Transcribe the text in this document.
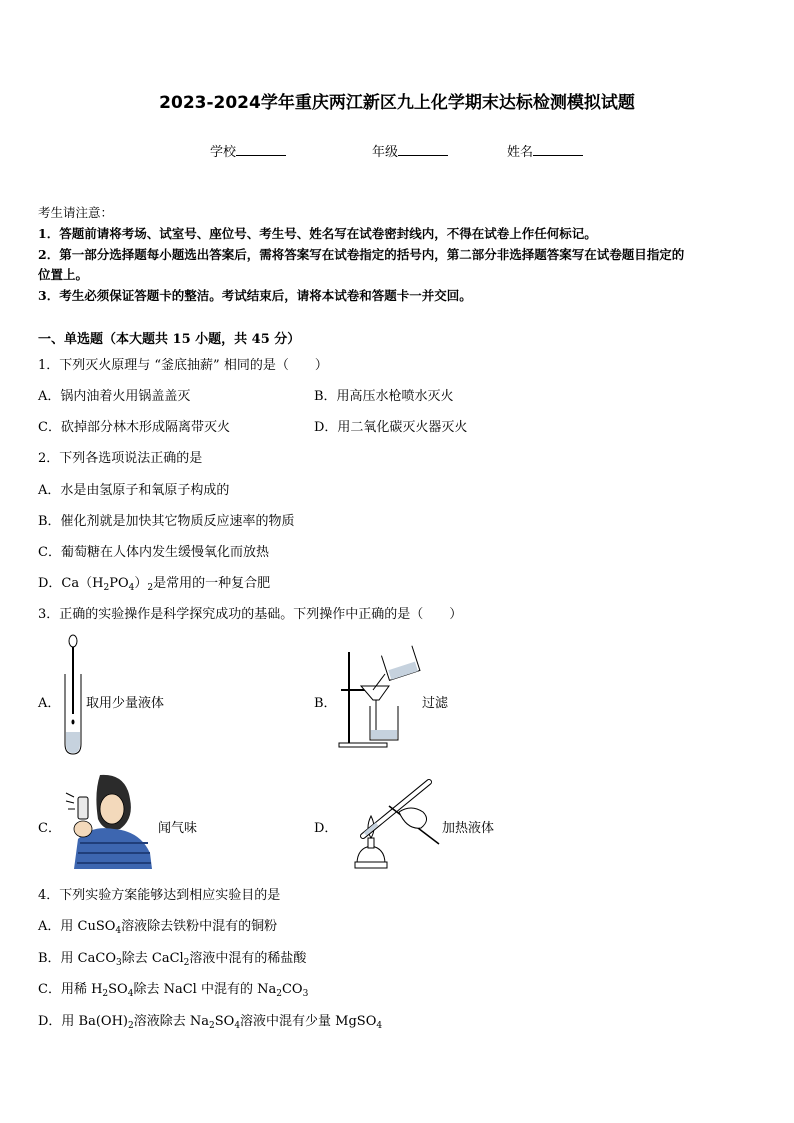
2023-2024学年重庆两江新区九上化学期末达标检测模拟试题
学校	年级	姓名
考生请注意：
1．答题前请将考场、试室号、座位号、考生号、姓名写在试卷密封线内，不得在试卷上作任何标记。
2．第一部分选择题每小题选出答案后，需将答案写在试卷指定的括号内，第二部分非选择题答案写在试卷题目指定的
位置上。
3．考生必须保证答题卡的整洁。考试结束后，请将本试卷和答题卡一并交回。
一、单选题（本大题共 15 小题，共 45 分）
1．下列灭火原理与 “釜底抽薪” 相同的是（　　）
A．锅内油着火用锅盖盖灭	B．用高压水枪喷水灭火
C．砍掉部分林木形成隔离带灭火	D．用二氧化碳灭火器灭火
2．下列各选项说法正确的是
A．水是由氢原子和氧原子构成的
B．催化剂就是加快其它物质反应速率的物质
C．葡萄糖在人体内发生缓慢氧化而放热
D．$Ca(H_2PO_4)_2$是常用的一种复合肥
3．正确的实验操作是科学探究成功的基础。下列操作中正确的是（　　）
A． 取用少量液体	B．	过滤
C．	闻气味	D．	加热液体
4．下列实验方案能够达到相应实验目的是
A．用 CuSO$_4$溶液除去铁粉中混有的铜粉
B．用 CaCO$_3$除去 CaCl$_2$溶液中混有的稀盐酸
C．用稀 $H_2SO_4$除去 NaCl 中混有的 $Na_2CO_3$
D．用 $Ba(OH)_2$溶液除去 $Na_2SO_4$溶液中混有少量 MgSO$_4$
